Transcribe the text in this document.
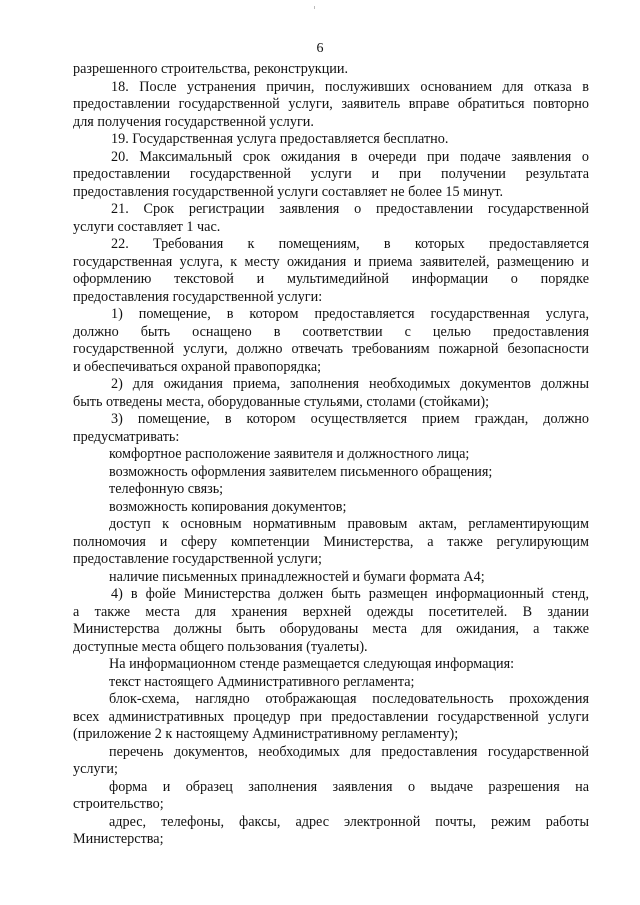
6
разрешенного строительства, реконструкции.
18. После устранения причин, послуживших основанием для отказа в
предоставлении государственной услуги, заявитель вправе обратиться повторно
для получения государственной услуги.
19. Государственная услуга предоставляется бесплатно.
20. Максимальный срок ожидания в очереди при подаче заявления о
предоставлении государственной услуги и при получении результата
предоставления государственной услуги составляет не более 15 минут.
21. Срок регистрации заявления о предоставлении государственной
услуги составляет 1 час.
22. Требования к помещениям, в которых предоставляется
государственная услуга, к месту ожидания и приема заявителей, размещению и
оформлению текстовой и мультимедийной информации о порядке
предоставления государственной услуги:
1) помещение, в котором предоставляется государственная услуга,
должно быть оснащено в соответствии с целью предоставления
государственной услуги, должно отвечать требованиям пожарной безопасности
и обеспечиваться охраной правопорядка;
2) для ожидания приема, заполнения необходимых документов должны
быть отведены места, оборудованные стульями, столами (стойками);
3) помещение, в котором осуществляется прием граждан, должно
предусматривать:
комфортное расположение заявителя и должностного лица;
возможность оформления заявителем письменного обращения;
телефонную связь;
возможность копирования документов;
доступ к основным нормативным правовым актам, регламентирующим
полномочия и сферу компетенции Министерства, а также регулирующим
предоставление государственной услуги;
наличие письменных принадлежностей и бумаги формата А4;
4) в фойе Министерства должен быть размещен информационный стенд,
а также места для хранения верхней одежды посетителей. В здании
Министерства должны быть оборудованы места для ожидания, а также
доступные места общего пользования (туалеты).
На информационном стенде размещается следующая информация:
текст настоящего Административного регламента;
блок-схема, наглядно отображающая последовательность прохождения
всех административных процедур при предоставлении государственной услуги
(приложение 2 к настоящему Административному регламенту);
перечень документов, необходимых для предоставления государственной
услуги;
форма и образец заполнения заявления о выдаче разрешения на
строительство;
адрес, телефоны, факсы, адрес электронной почты, режим работы
Министерства;
